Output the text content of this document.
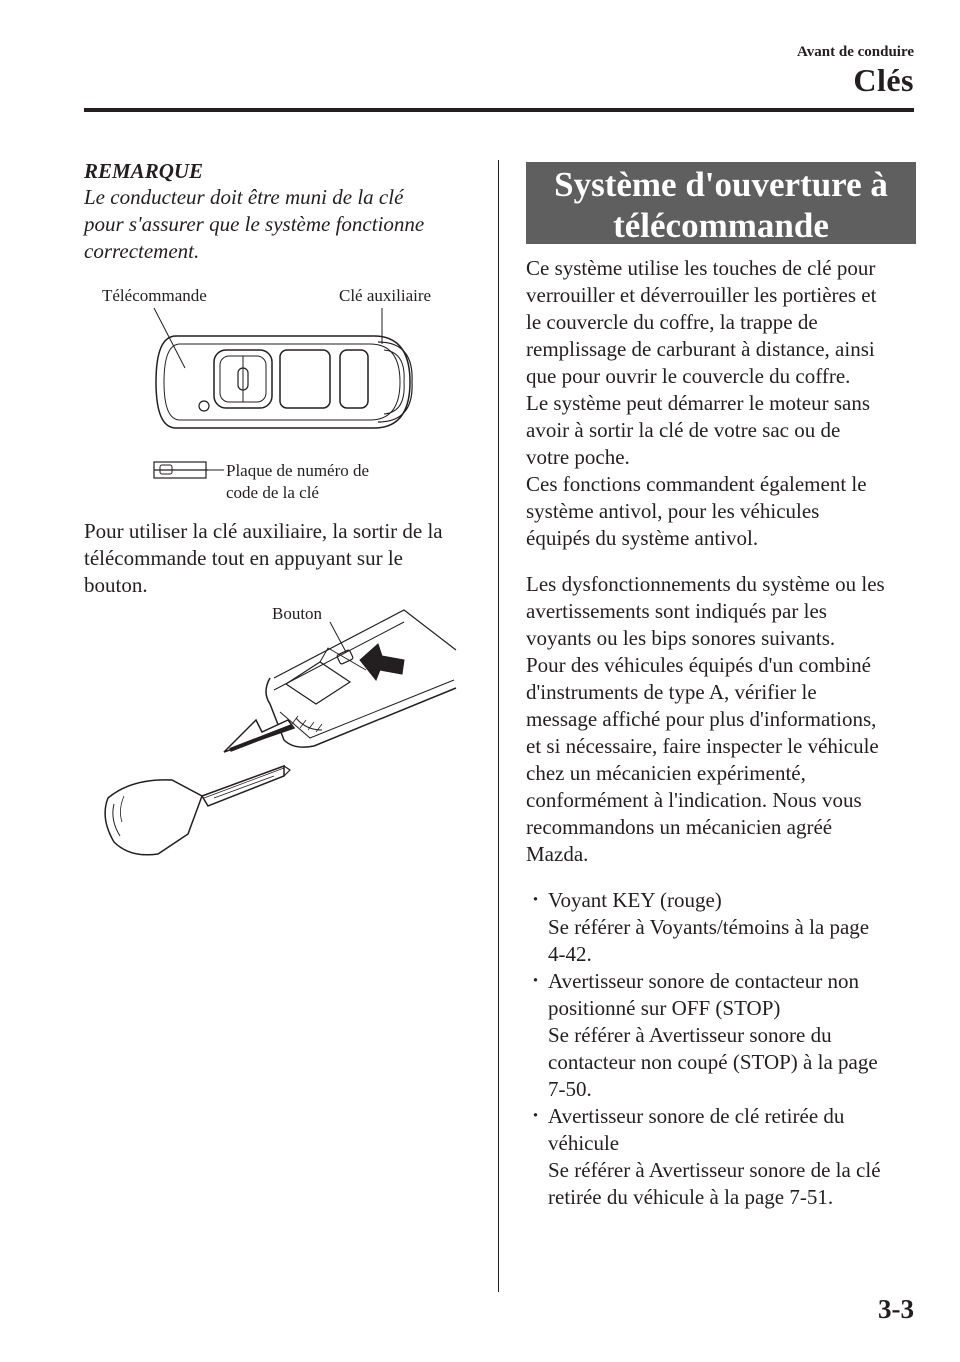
Avant de conduire
Clés
REMARQUE
Le conducteur doit être muni de la clé
pour s'assurer que le système fonctionne
correctement.
Télécommande	Clé auxiliaire
Plaque de numéro de
code de la clé
Pour utiliser la clé auxiliaire, la sortir de la
télécommande tout en appuyant sur le
bouton.
Bouton
Système d'ouverture à
télécommande
Ce système utilise les touches de clé pour
verrouiller et déverrouiller les portières et
le couvercle du coffre, la trappe de
remplissage de carburant à distance, ainsi
que pour ouvrir le couvercle du coffre.
Le système peut démarrer le moteur sans
avoir à sortir la clé de votre sac ou de
votre poche.
Ces fonctions commandent également le
système antivol, pour les véhicules
équipés du système antivol.
Les dysfonctionnements du système ou les
avertissements sont indiqués par les
voyants ou les bips sonores suivants.
Pour des véhicules équipés d'un combiné
d'instruments de type A, vérifier le
message affiché pour plus d'informations,
et si nécessaire, faire inspecter le véhicule
chez un mécanicien expérimenté,
conformément à l'indication. Nous vous
recommandons un mécanicien agréé
Mazda.
· Voyant KEY (rouge)
Se référer à Voyants/témoins à la page
4-42.
· Avertisseur sonore de contacteur non
positionné sur OFF (STOP)
Se référer à Avertisseur sonore du
contacteur non coupé (STOP) à la page
7-50.
· Avertisseur sonore de clé retirée du
véhicule
Se référer à Avertisseur sonore de la clé
retirée du véhicule à la page 7-51.
3-3
